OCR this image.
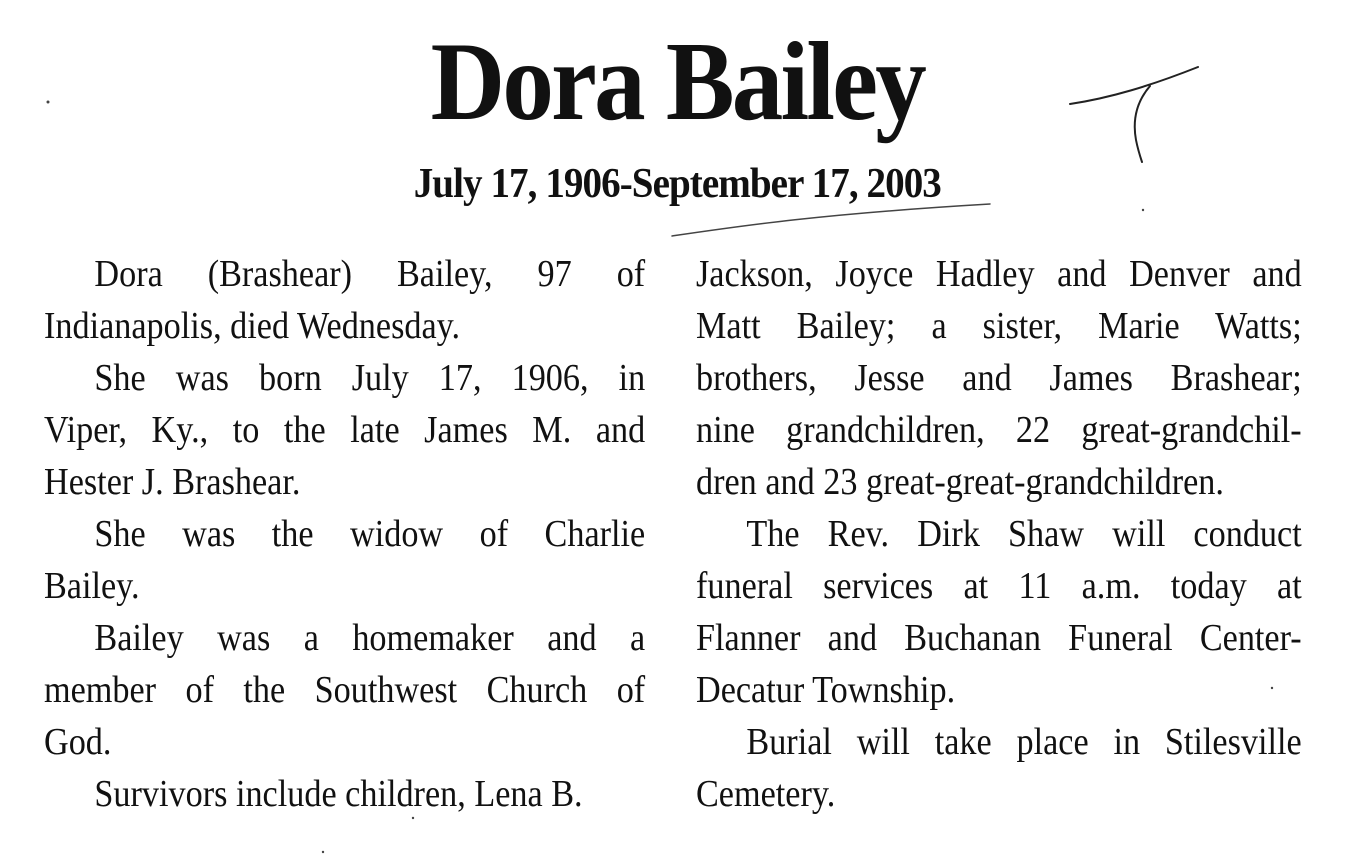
Dora Bailey
July 17, 1906-September 17, 2003
Dora (Brashear) Bailey, 97 of
Indianapolis, died Wednesday.
She was born July 17, 1906, in
Viper, Ky., to the late James M. and
Hester J. Brashear.
She was the widow of Charlie
Bailey.
Bailey was a homemaker and a
member of the Southwest Church of
God.
Survivors include children, Lena B.
Jackson, Joyce Hadley and Denver and
Matt Bailey; a sister, Marie Watts;
brothers, Jesse and James Brashear;
nine grandchildren, 22 great-grandchil-
dren and 23 great-great-grandchildren.
The Rev. Dirk Shaw will conduct
funeral services at 11 a.m. today at
Flanner and Buchanan Funeral Center-
Decatur Township.
Burial will take place in Stilesville
Cemetery.
